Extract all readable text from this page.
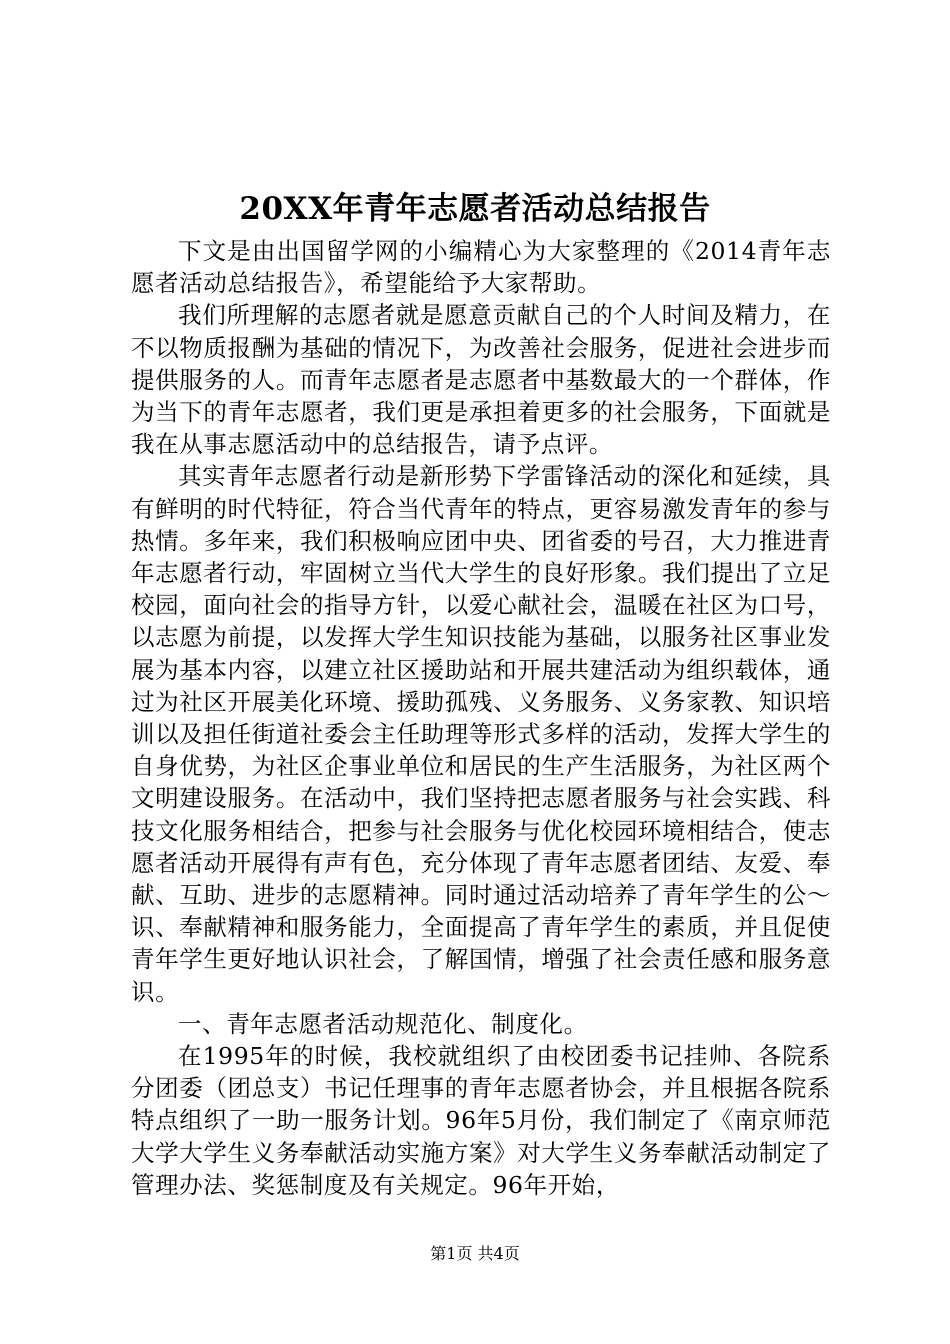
20XX年青年志愿者活动总结报告

下文是由出国留学网的小编精心为大家整理的《2014青年志愿者活动总结报告》，希望能给予大家帮助。

我们所理解的志愿者就是愿意贡献自己的个人时间及精力，在不以物质报酬为基础的情况下，为改善社会服务，促进社会进步而提供服务的人。而青年志愿者是志愿者中基数最大的一个群体，作为当下的青年志愿者，我们更是承担着更多的社会服务，下面就是我在从事志愿活动中的总结报告，请予点评。

其实青年志愿者行动是新形势下学雷锋活动的深化和延续，具有鲜明的时代特征，符合当代青年的特点，更容易激发青年的参与热情。多年来，我们积极响应团中央、团省委的号召，大力推进青年志愿者行动，牢固树立当代大学生的良好形象。我们提出了立足校园，面向社会的指导方针，以爱心献社会，温暖在社区为口号，以志愿为前提，以发挥大学生知识技能为基础，以服务社区事业发展为基本内容，以建立社区援助站和开展共建活动为组织载体，通过为社区开展美化环境、援助孤残、义务服务、义务家教、知识培训以及担任街道社委会主任助理等形式多样的活动，发挥大学生的自身优势，为社区企事业单位和居民的生产生活服务，为社区两个文明建设服务。在活动中，我们坚持把志愿者服务与社会实践、科技文化服务相结合，把参与社会服务与优化校园环境相结合，使志愿者活动开展得有声有色，充分体现了青年志愿者团结、友爱、奉献、互助、进步的志愿精神。同时通过活动培养了青年学生的公～识、奉献精神和服务能力，全面提高了青年学生的素质，并且促使青年学生更好地认识社会，了解国情，增强了社会责任感和服务意识。

一、青年志愿者活动规范化、制度化。

在1995年的时候，我校就组织了由校团委书记挂帅、各院系分团委（团总支）书记任理事的青年志愿者协会，并且根据各院系特点组织了一助一服务计划。96年5月份，我们制定了《南京师范大学大学生义务奉献活动实施方案》对大学生义务奉献活动制定了管理办法、奖惩制度及有关规定。96年开始，

第1页 共4页
